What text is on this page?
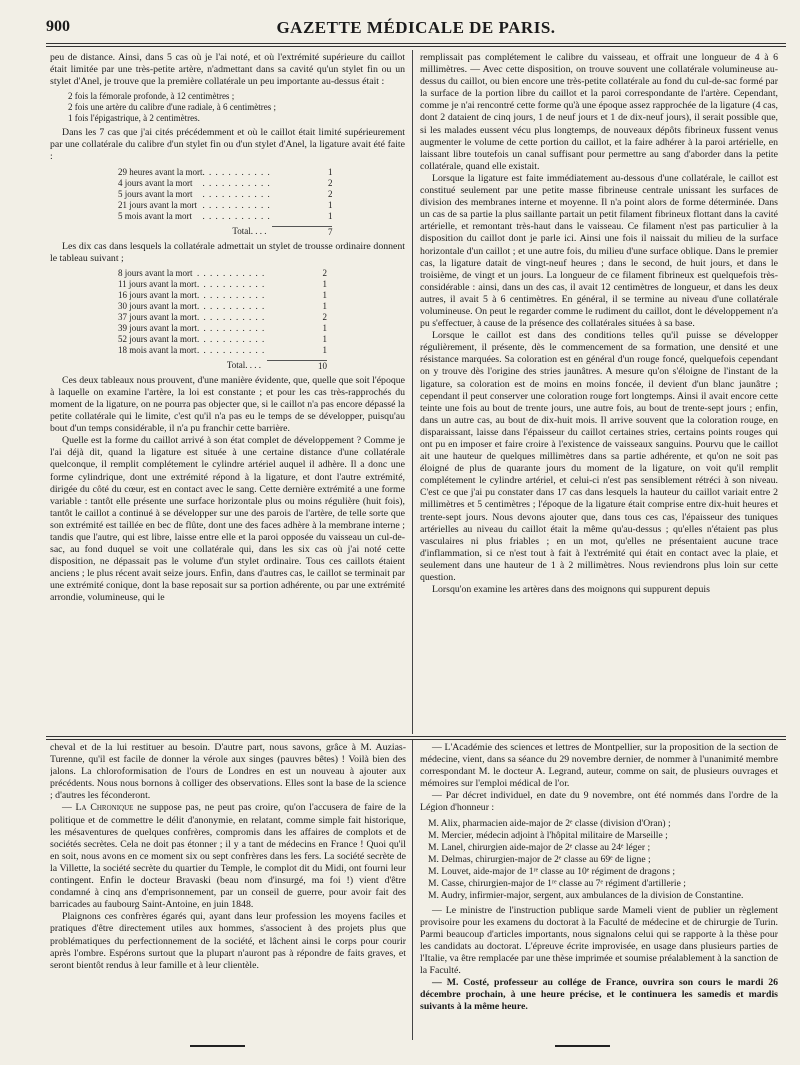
900	GAZETTE MÉDICALE DE PARIS.

peu de distance. Ainsi, dans 5 cas où je l'ai noté, et où l'extrémité supérieure du caillot était limitée par une très-petite artère, n'admettant dans sa cavité qu'un stylet fin ou un stylet d'Anel, je trouve que la première collatérale un peu importante au-dessus était :

2 fois la fémorale profonde, à 12 centimètres ;
2 fois une artère du calibre d'une radiale, à 6 centimètres ;
1 fois l'épigastrique, à 2 centimètres.

Dans les 7 cas que j'ai cités précédemment et où le caillot était limité supérieurement par une collatérale du calibre d'un stylet fin ou d'un stylet d'Anel, la ligature avait été faite :

29 heures avant la mort	. . . . . . . . . . .	1
4 jours avant la mort	. . . . . . . . . . .	2
5 jours avant la mort	. . . . . . . . . . .	2
21 jours avant la mort	. . . . . . . . . . .	1
5 mois avant la mort	. . . . . . . . . . .	1
	Total. . . .	7

Les dix cas dans lesquels la collatérale admettait un stylet de trousse ordinaire donnent le tableau suivant ;

8 jours avant la mort	. . . . . . . . . . .	2
11 jours avant la mort	. . . . . . . . . . .	1
16 jours avant la mort	. . . . . . . . . . .	1
30 jours avant la mort	. . . . . . . . . . .	1
37 jours avant la mort	. . . . . . . . . . .	2
39 jours avant la mort	. . . . . . . . . . .	1
52 jours avant la mort	. . . . . . . . . . .	1
18 mois avant la mort	. . . . . . . . . . .	1
	Total. . . .	10

Ces deux tableaux nous prouvent, d'une manière évidente, que, quelle que soit l'époque à laquelle on examine l'artère, la loi est constante ; et pour les cas très-rapprochés du moment de la ligature, on ne pourra pas objecter que, si le caillot n'a pas encore dépassé la petite collatérale qui le limite, c'est qu'il n'a pas eu le temps de se développer, puisqu'au bout d'un temps considérable, il n'a pu franchir cette barrière.

Quelle est la forme du caillot arrivé à son état complet de développement ? Comme je l'ai déjà dit, quand la ligature est située à une certaine distance d'une collatérale quelconque, il remplit complétement le cylindre artériel auquel il adhère. Il a donc une forme cylindrique, dont une extrémité répond à la ligature, et dont l'autre extrémité, dirigée du côté du cœur, est en contact avec le sang. Cette dernière extrémité a une forme variable : tantôt elle présente une surface horizontale plus ou moins régulière (huit fois), tantôt le caillot a continué à se développer sur une des parois de l'artère, de telle sorte que son extrémité est taillée en bec de flûte, dont une des faces adhère à la membrane interne ; tandis que l'autre, qui est libre, laisse entre elle et la paroi opposée du vaisseau un cul-de-sac, au fond duquel se voit une collatérale qui, dans les six cas où j'ai noté cette disposition, ne dépassait pas le volume d'un stylet ordinaire. Tous ces caillots étaient anciens ; le plus récent avait seize jours. Enfin, dans d'autres cas, le caillot se terminait par une extrémité conique, dont la base reposait sur sa portion adhérente, ou par une extrémité arrondie, volumineuse, qui le

remplissait pas complétement le calibre du vaisseau, et offrait une longueur de 4 à 6 millimètres. — Avec cette disposition, on trouve souvent une collatérale volumineuse au-dessus du caillot, ou bien encore une très-petite collatérale au fond du cul-de-sac formé par la surface de la portion libre du caillot et la paroi correspondante de l'artère. Cependant, comme je n'ai rencontré cette forme qu'à une époque assez rapprochée de la ligature (4 cas, dont 2 dataient de cinq jours, 1 de neuf jours et 1 de dix-neuf jours), il serait possible que, si les malades eussent vécu plus longtemps, de nouveaux dépôts fibrineux fussent venus augmenter le volume de cette portion du caillot, et la faire adhérer à la paroi artérielle, en laissant libre toutefois un canal suffisant pour permettre au sang d'aborder dans la petite collatérale, quand elle existait.

Lorsque la ligature est faite immédiatement au-dessous d'une collatérale, le caillot est constitué seulement par une petite masse fibrineuse centrale unissant les surfaces de division des membranes interne et moyenne. Il n'a point alors de forme déterminée. Dans un cas de sa partie la plus saillante partait un petit filament fibrineux flottant dans la cavité artérielle, et remontant très-haut dans le vaisseau. Ce filament n'est pas particulier à la disposition du caillot dont je parle ici. Ainsi une fois il naissait du milieu de la surface horizontale d'un caillot ; et une autre fois, du milieu d'une surface oblique. Dans le premier cas, la ligature datait de vingt-neuf heures ; dans le second, de huit jours, et dans le troisième, de vingt et un jours. La longueur de ce filament fibrineux est quelquefois très-considérable : ainsi, dans un des cas, il avait 12 centimètres de longueur, et dans les deux autres, il avait 5 à 6 centimètres. En général, il se termine au niveau d'une collatérale volumineuse. On peut le regarder comme le rudiment du caillot, dont le développement n'a pu s'effectuer, à cause de la présence des collatérales situées à sa base.

Lorsque le caillot est dans des conditions telles qu'il puisse se développer régulièrement, il présente, dès le commencement de sa formation, une densité et une résistance marquées. Sa coloration est en général d'un rouge foncé, quelquefois cependant on y trouve dès l'origine des stries jaunâtres. A mesure qu'on s'éloigne de l'instant de la ligature, sa coloration est de moins en moins foncée, il devient d'un blanc jaunâtre ; cependant il peut conserver une coloration rouge fort longtemps. Ainsi il avait encore cette teinte une fois au bout de trente jours, une autre fois, au bout de trente-sept jours ; enfin, dans un autre cas, au bout de dix-huit mois. Il arrive souvent que la coloration rouge, en disparaissant, laisse dans l'épaisseur du caillot certaines stries, certains points rouges qui ont pu en imposer et faire croire à l'existence de vaisseaux sanguins. Pourvu que le caillot ait une hauteur de quelques millimètres dans sa partie adhérente, et qu'on ne soit pas éloigné de plus de quarante jours du moment de la ligature, on voit qu'il remplit complétement le cylindre artériel, et celui-ci n'est pas sensiblement rétréci à son niveau. C'est ce que j'ai pu constater dans 17 cas dans lesquels la hauteur du caillot variait entre 2 millimètres et 5 centimètres ; l'époque de la ligature était comprise entre dix-huit heures et trente-sept jours. Nous devons ajouter que, dans tous ces cas, l'épaisseur des tuniques artérielles au niveau du caillot était la même qu'au-dessus ; qu'elles n'étaient pas plus vasculaires ni plus friables ; en un mot, qu'elles ne présentaient aucune trace d'inflammation, si ce n'est tout à fait à l'extrémité qui était en contact avec la plaie, et seulement dans une hauteur de 1 à 2 millimètres. Nous reviendrons plus loin sur cette question.

Lorsqu'on examine les artères dans des moignons qui suppurent depuis

cheval et de la lui restituer au besoin. D'autre part, nous savons, grâce à M. Auzias-Turenne, qu'il est facile de donner la vérole aux singes (pauvres bêtes) ! Voilà bien des jalons. La chloroformisation de l'ours de Londres en est un nouveau à ajouter aux précédents. Nous nous bornons à colliger des observations. Elles sont la base de la science ; d'autres les féconderont.

— La Chronique ne suppose pas, ne peut pas croire, qu'on l'accusera de faire de la politique et de commettre le délit d'anonymie, en relatant, comme simple fait historique, les mésaventures de quelques confrères, compromis dans les affaires de complots et de sociétés secrètes. Cela ne doit pas étonner ; il y a tant de médecins en France ! Quoi qu'il en soit, nous avons en ce moment six ou sept confrères dans les fers. La société secrète de la Villette, la société secrète du quartier du Temple, le complot dit du Midi, ont fourni leur contingent. Enfin le docteur Bravaski (beau nom d'insurgé, ma foi !) vient d'être condamné à cinq ans d'emprisonnement, par un conseil de guerre, pour avoir fait des barricades au faubourg Saint-Antoine, en juin 1848.

Plaignons ces confrères égarés qui, ayant dans leur profession les moyens faciles et pratiques d'être directement utiles aux hommes, s'associent à des projets plus que problématiques du perfectionnement de la société, et lâchent ainsi le corps pour courir après l'ombre. Espérons surtout que la plupart n'auront pas à répondre de faits graves, et seront bientôt rendus à leur famille et à leur clientèle.

— L'Académie des sciences et lettres de Montpellier, sur la proposition de la section de médecine, vient, dans sa séance du 29 novembre dernier, de nommer à l'unanimité membre correspondant M. le docteur A. Legrand, auteur, comme on sait, de plusieurs ouvrages et mémoires sur l'emploi médical de l'or.

— Par décret individuel, en date du 9 novembre, ont été nommés dans l'ordre de la Légion d'honneur :

M. Alix, pharmacien aide-major de 2ᵉ classe (division d'Oran) ;
M. Mercier, médecin adjoint à l'hôpital militaire de Marseille ;
M. Lanel, chirurgien aide-major de 2ᵉ classe au 24ᵉ léger ;
M. Delmas, chirurgien-major de 2ᵉ classe au 69ᵉ de ligne ;
M. Louvet, aide-major de 1ʳᵉ classe au 10ᵉ régiment de dragons ;
M. Casse, chirurgien-major de 1ʳᵉ classe au 7ᵉ régiment d'artillerie ;
M. Audry, infirmier-major, sergent, aux ambulances de la division de Constantine.

— Le ministre de l'instruction publique sarde Mameli vient de publier un règlement provisoire pour les examens du doctorat à la Faculté de médecine et de chirurgie de Turin. Parmi beaucoup d'articles importants, nous signalons celui qui se rapporte à la thèse pour les candidats au doctorat. L'épreuve écrite improvisée, en usage dans plusieurs parties de l'Italie, va être remplacée par une thèse imprimée et soumise préalablement à la sanction de la Faculté.

— M. Costé, professeur au collége de France, ouvrira son cours le mardi 26 décembre prochain, à une heure précise, et le continuera les samedis et mardis suivants à la même heure.
